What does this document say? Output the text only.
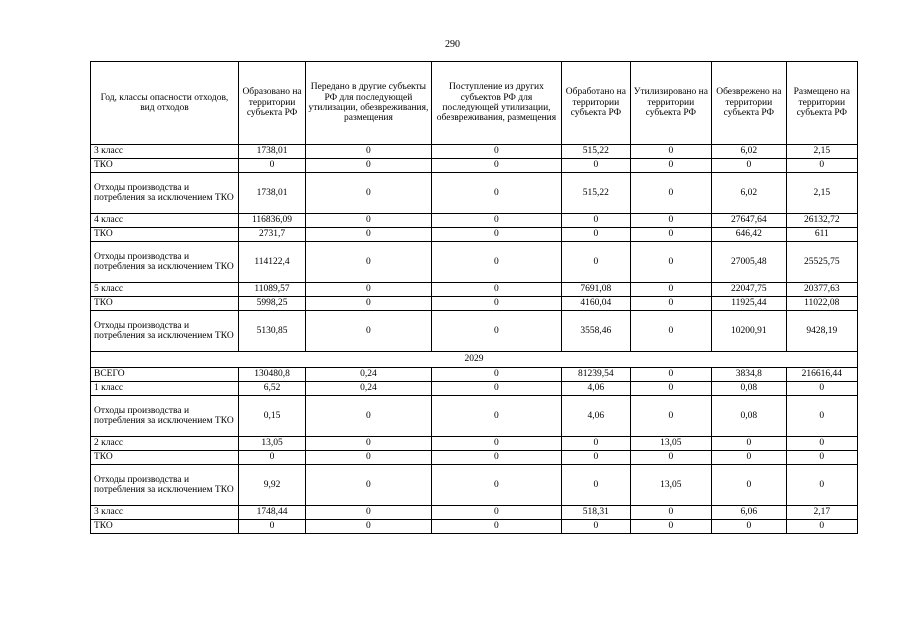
290
Год, классы опасности отходов, вид отходов	Образовано на территории субъекта РФ	Передано в другие субъекты РФ для последующей утилизации, обезвреживания, размещения	Поступление из других субъектов РФ для последующей утилизации, обезвреживания, размещения	Обработано на территории субъекта РФ	Утилизировано на территории субъекта РФ	Обезврежено на территории субъекта РФ	Размещено на территории субъекта РФ
3 класс	1738,01	0	0	515,22	0	6,02	2,15
ТКО	0	0	0	0	0	0	0
Отходы производства и потребления за исключением ТКО	1738,01	0	0	515,22	0	6,02	2,15
4 класс	116836,09	0	0	0	0	27647,64	26132,72
ТКО	2731,7	0	0	0	0	646,42	611
Отходы производства и потребления за исключением ТКО	114122,4	0	0	0	0	27005,48	25525,75
5 класс	11089,57	0	0	7691,08	0	22047,75	20377,63
ТКО	5998,25	0	0	4160,04	0	11925,44	11022,08
Отходы производства и потребления за исключением ТКО	5130,85	0	0	3558,46	0	10200,91	9428,19
2029							
ВСЕГО	130480,8	0,24	0	81239,54	0	3834,8	216616,44
1 класс	6,52	0,24	0	4,06	0	0,08	0
Отходы производства и потребления за исключением ТКО	0,15	0	0	4,06	0	0,08	0
2 класс	13,05	0	0	0	13,05	0	0
ТКО	0	0	0	0	0	0	0
Отходы производства и потребления за исключением ТКО	9,92	0	0	0	13,05	0	0
3 класс	1748,44	0	0	518,31	0	6,06	2,17
ТКО	0	0	0	0	0	0	0
